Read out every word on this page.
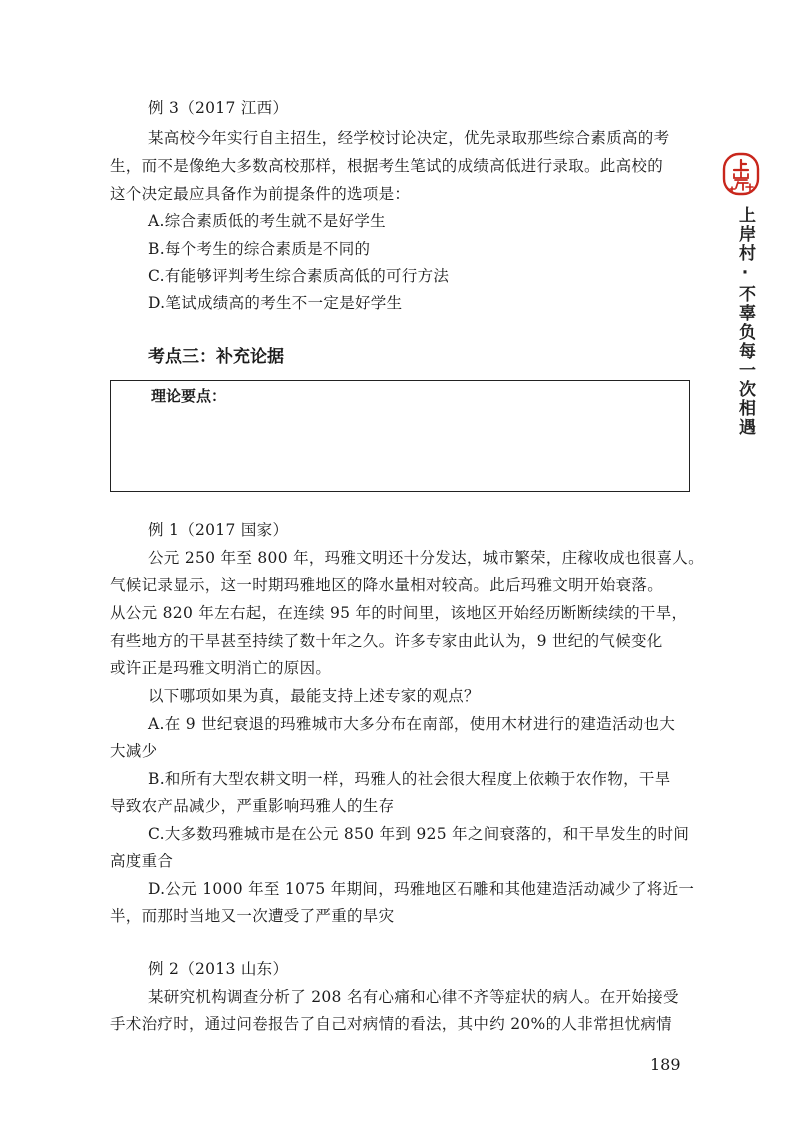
例 3（2017 江西）
某高校今年实行自主招生，经学校讨论决定，优先录取那些综合素质高的考
生，而不是像绝大多数高校那样，根据考生笔试的成绩高低进行录取。此高校的
这个决定最应具备作为前提条件的选项是：
A.综合素质低的考生就不是好学生
B.每个考生的综合素质是不同的
C.有能够评判考生综合素质高低的可行方法
D.笔试成绩高的考生不一定是好学生
考点三：补充论据
理论要点：
例 1（2017 国家）
公元 250 年至 800 年，玛雅文明还十分发达，城市繁荣，庄稼收成也很喜人。
气候记录显示，这一时期玛雅地区的降水量相对较高。此后玛雅文明开始衰落。
从公元 820 年左右起，在连续 95 年的时间里，该地区开始经历断断续续的干旱，
有些地方的干旱甚至持续了数十年之久。许多专家由此认为，9 世纪的气候变化
或许正是玛雅文明消亡的原因。
以下哪项如果为真，最能支持上述专家的观点？
A.在 9 世纪衰退的玛雅城市大多分布在南部，使用木材进行的建造活动也大
大减少
B.和所有大型农耕文明一样，玛雅人的社会很大程度上依赖于农作物，干旱
导致农产品减少，严重影响玛雅人的生存
C.大多数玛雅城市是在公元 850 年到 925 年之间衰落的，和干旱发生的时间
高度重合
D.公元 1000 年至 1075 年期间，玛雅地区石雕和其他建造活动减少了将近一
半，而那时当地又一次遭受了严重的旱灾
例 2（2013 山东）
某研究机构调查分析了 208 名有心痛和心律不齐等症状的病人。在开始接受
手术治疗时，通过问卷报告了自己对病情的看法，其中约 20%的人非常担忧病情
189
上岸村·不辜负每一次相遇
